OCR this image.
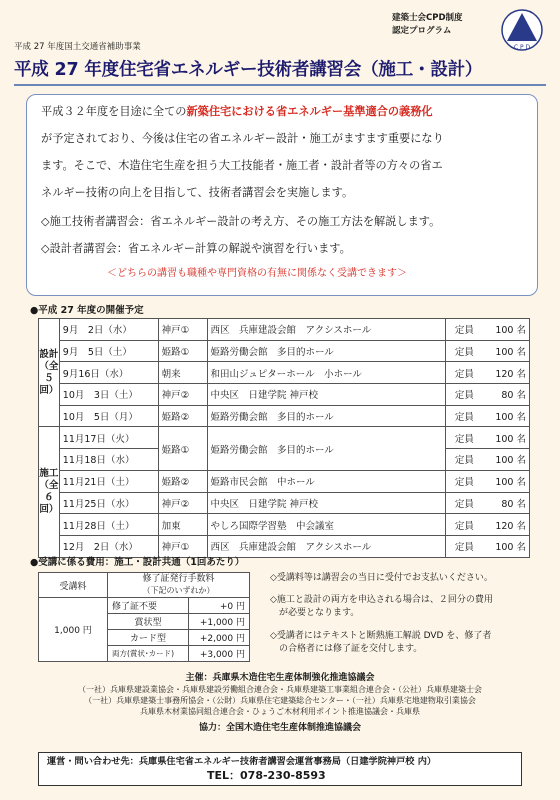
平成 27 年度国土交通省補助事業
建築士会CPD制度
認定プログラム
C P D
平成 27 年度住宅省エネルギー技術者講習会（施工・設計）
平成３２年度を目途に全ての新築住宅における省エネルギー基準適合の義務化
が予定されており、今後は住宅の省エネルギー設計・施工がますます重要になり
ます。そこで、木造住宅生産を担う大工技能者・施工者・設計者等の方々の省エ
ネルギー技術の向上を目指して、技術者講習会を実施します。
◇施工技術者講習会：省エネルギー設計の考え方、その施工方法を解説します。
◇設計者講習会：省エネルギー計算の解説や演習を行います。
＜どちらの講習も職種や専門資格の有無に関係なく受講できます＞
●平成 27 年度の開催予定
設計（全５回）	9月　2日（水）	神戸①	西区　兵庫建設会館　アクシスホール	定員	100 名
	9月　5日（土）	姫路①	姫路労働会館　多目的ホール	定員	100 名
	9月16日（水）	朝来	和田山ジュピターホール　小ホール	定員	120 名
	10月　3日（土）	神戸②	中央区　日建学院 神戸校	定員	80 名
	10月　5日（月）	姫路②	姫路労働会館　多目的ホール	定員	100 名
施工（全６回）	11月17日（火）	姫路①	姫路労働会館　多目的ホール	定員	100 名
	11月18日（水）			定員	100 名
	11月21日（土）	姫路②	姫路市民会館　中ホール	定員	100 名
	11月25日（水）	神戸②	中央区　日建学院 神戸校	定員	80 名
	11月28日（土）	加東	やしろ国際学習塾　中会議室	定員	120 名
	12月　2日（水）	神戸①	西区　兵庫建設会館　アクシスホール	定員	100 名
●受講に係る費用：施工・設計共通（1回あたり）
受講料	修了証発行手数料
（下記のいずれか）	

1,000 円	修了証不要	+0 円
	賞状型	+1,000 円
	カード型	+2,000 円
	両方(賞状･カード)	+3,000 円
◇受講料等は講習会の当日に受付でお支払いください。
◇施工と設計の両方を申込される場合は、２回分の費用
　が必要となります。
◇受講者にはテキストと断熱施工解説 DVD を、修了者
　の合格者には修了証を交付します。
主催：兵庫県木造住宅生産体制強化推進協議会
（一社）兵庫県建設業協会・兵庫県建設労働組合連合会・兵庫県建築工事業組合連合会・（公社）兵庫県建築士会
（一社）兵庫県建築士事務所協会・（公財）兵庫県住宅建築総合センター・（一社）兵庫県宅地建物取引業協会
兵庫県木材業協同組合連合会・ひょうご木材利用ポイント推進協議会・兵庫県
協力：全国木造住宅生産体制推進協議会
運営・問い合わせ先：兵庫県住宅省エネルギー技術者講習会運営事務局（日建学院神戸校 内）
TEL：078-230-8593
